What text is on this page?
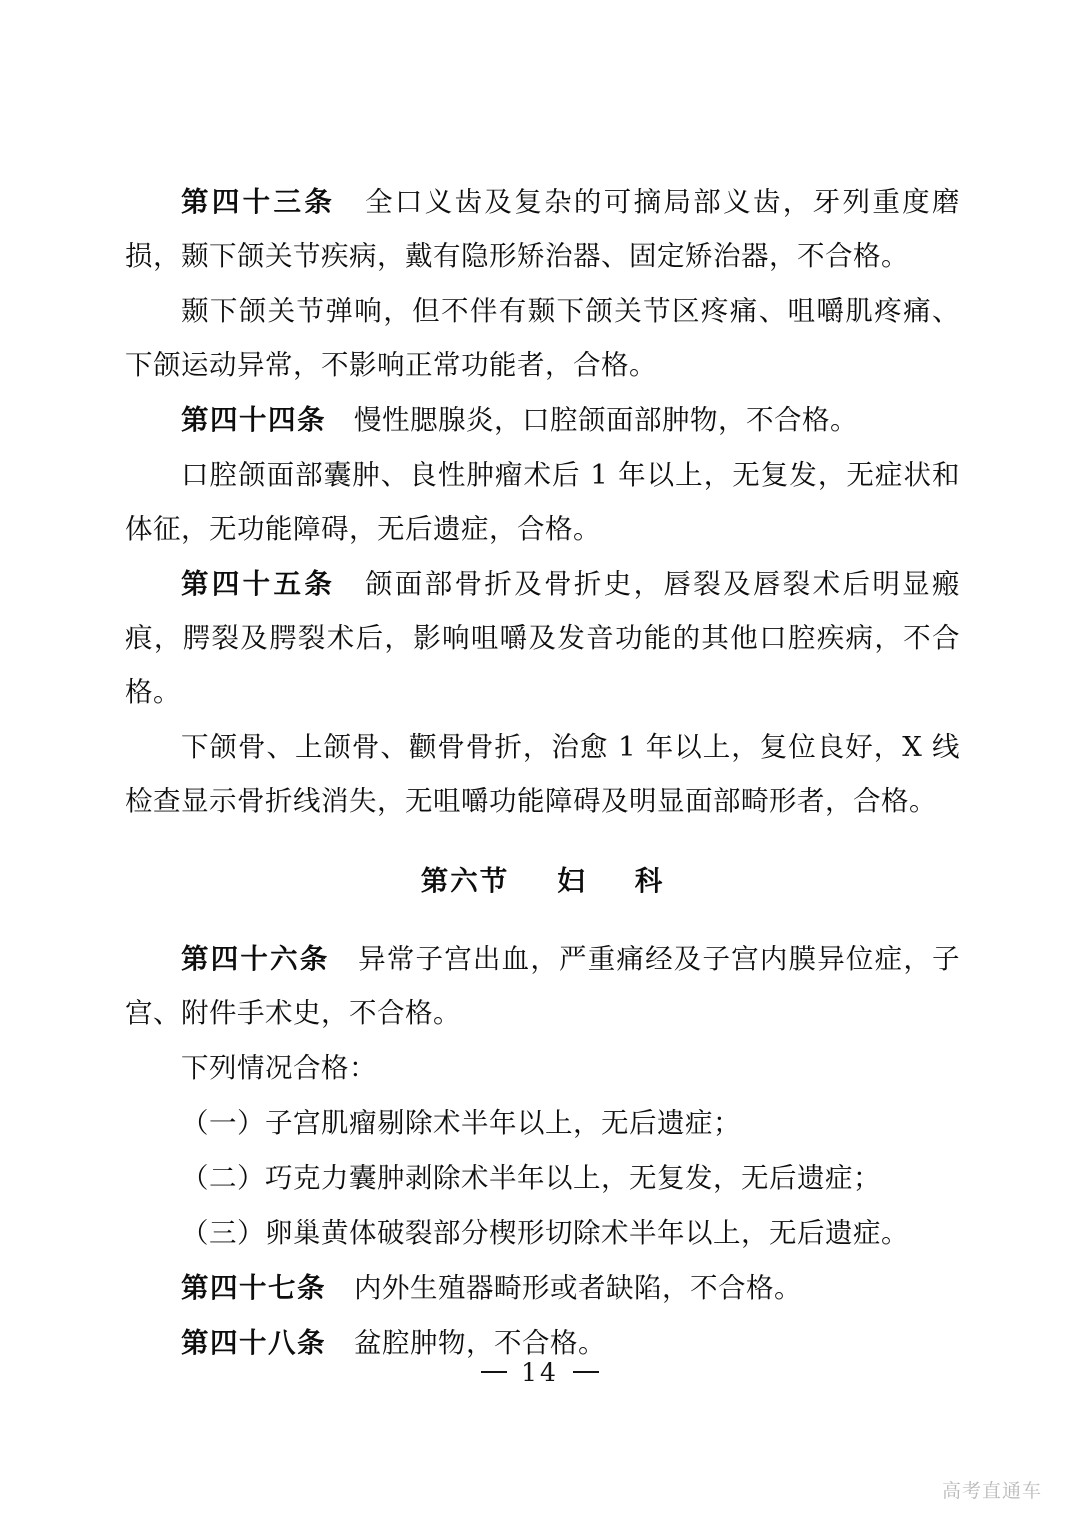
第四十三条　全口义齿及复杂的可摘局部义齿，牙列重度磨损，颞下颌关节疾病，戴有隐形矫治器、固定矫治器，不合格。

颞下颌关节弹响，但不伴有颞下颌关节区疼痛、咀嚼肌疼痛、下颌运动异常，不影响正常功能者，合格。

第四十四条　慢性腮腺炎，口腔颌面部肿物，不合格。

口腔颌面部囊肿、良性肿瘤术后 1 年以上，无复发，无症状和体征，无功能障碍，无后遗症，合格。

第四十五条　颌面部骨折及骨折史，唇裂及唇裂术后明显瘢痕，腭裂及腭裂术后，影响咀嚼及发音功能的其他口腔疾病，不合格。

下颌骨、上颌骨、颧骨骨折，治愈 1 年以上，复位良好，X 线检查显示骨折线消失，无咀嚼功能障碍及明显面部畸形者，合格。

第六节 妇 科

第四十六条　异常子宫出血，严重痛经及子宫内膜异位症，子宫、附件手术史，不合格。

下列情况合格：

（一）子宫肌瘤剔除术半年以上，无后遗症；

（二）巧克力囊肿剥除术半年以上，无复发，无后遗症；

（三）卵巢黄体破裂部分楔形切除术半年以上，无后遗症。

第四十七条　内外生殖器畸形或者缺陷，不合格。

第四十八条　盆腔肿物，不合格。

14
高考直通车
